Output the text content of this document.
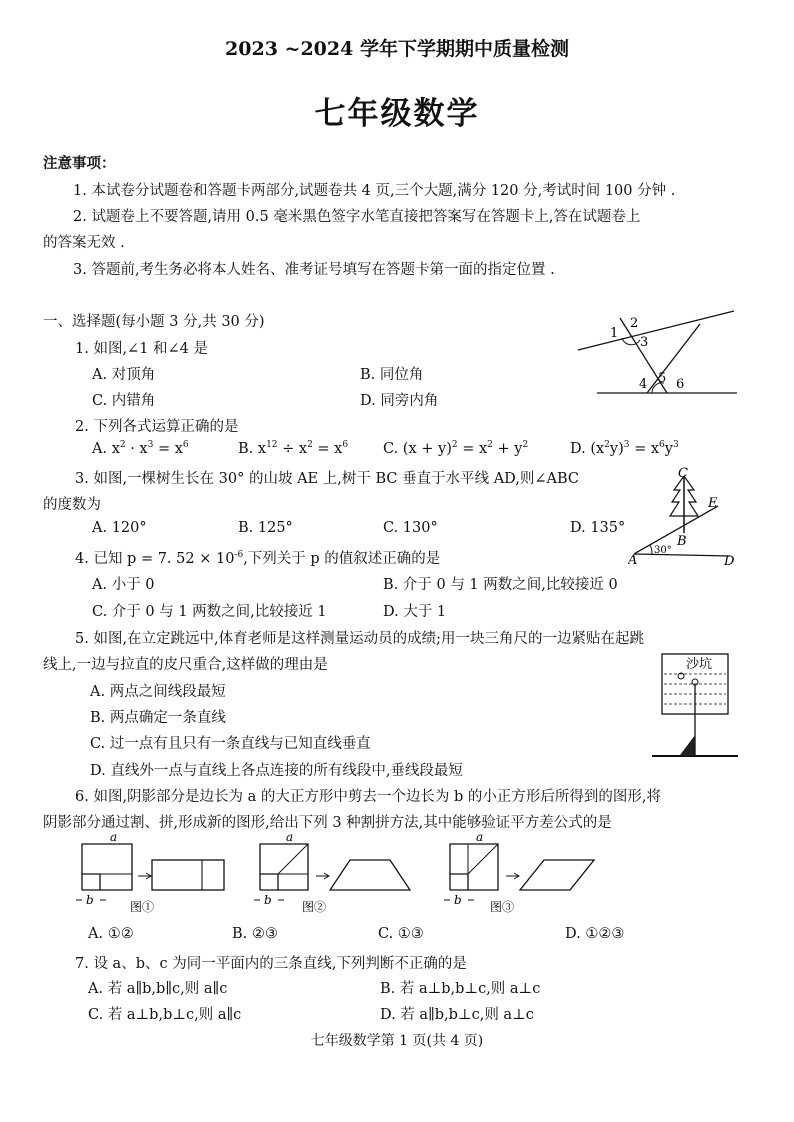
2023 ~2024 学年下学期期中质量检测
七年级数学
注意事项：
1. 本试卷分试题卷和答题卡两部分,试题卷共 4 页,三个大题,满分 120 分,考试时间 100 分钟 .
2. 试题卷上不要答题,请用 0.5 毫米黑色签字水笔直接把答案写在答题卡上,答在试题卷上
的答案无效 .
3. 答题前,考生务必将本人姓名、准考证号填写在答题卡第一面的指定位置 .
一、选择题(每小题 3 分,共 30 分)
1. 如图,∠1 和∠4 是
A. 对顶角	B. 同位角
C. 内错角	D. 同旁内角
1
2
3
4 5 6
2. 下列各式运算正确的是
A. $x^2 \cdot x^3 = x^6$	B. $x^{12} \div x^2 = x^6$ C. $(x + y)^2 = x^2 + y^2$	D. $(x^2y)^3 = x^6y^3$
3. 如图,一棵树生长在 30° 的山坡 AE 上,树干 BC 垂直于水平线 AD,则∠ABC
的度数为
A. 120°	B. 125°	C. 130°	D. 135°
C
E
B
A	D
30°
4. 已知 p = 7. $52 \times 10^{-6}$,下列关于 p 的值叙述正确的是
A. 小于 0	B. 介于 0 与 1 两数之间,比较接近 0
C. 介于 0 与 1 两数之间,比较接近 1	D. 大于 1
5. 如图,在立定跳远中,体育老师是这样测量运动员的成绩;用一块三角尺的一边紧贴在起跳
线上,一边与拉直的皮尺重合,这样做的理由是
A. 两点之间线段最短
B. 两点确定一条直线
C. 过一点有且只有一条直线与已知直线垂直
D. 直线外一点与直线上各点连接的所有线段中,垂线段最短
沙坑
6. 如图,阴影部分是边长为 a 的大正方形中剪去一个边长为 b 的小正方形后所得到的图形,将
阴影部分通过割、拼,形成新的图形,给出下列 3 种割拼方法,其中能够验证平方差公式的是
a
b	图①
a
b	图②
a
b 图③
A. ①②	B. ②③	C. ①③	D. ①②③
7. 设 a、b、c 为同一平面内的三条直线,下列判断不正确的是
A. 若 a∥b,b∥c,则 a∥c	B. 若 a⊥b,b⊥c,则 a⊥c
C. 若 a⊥b,b⊥c,则 a∥c	D. 若 a∥b,b⊥c,则 a⊥c
七年级数学第 1 页(共 4 页)
